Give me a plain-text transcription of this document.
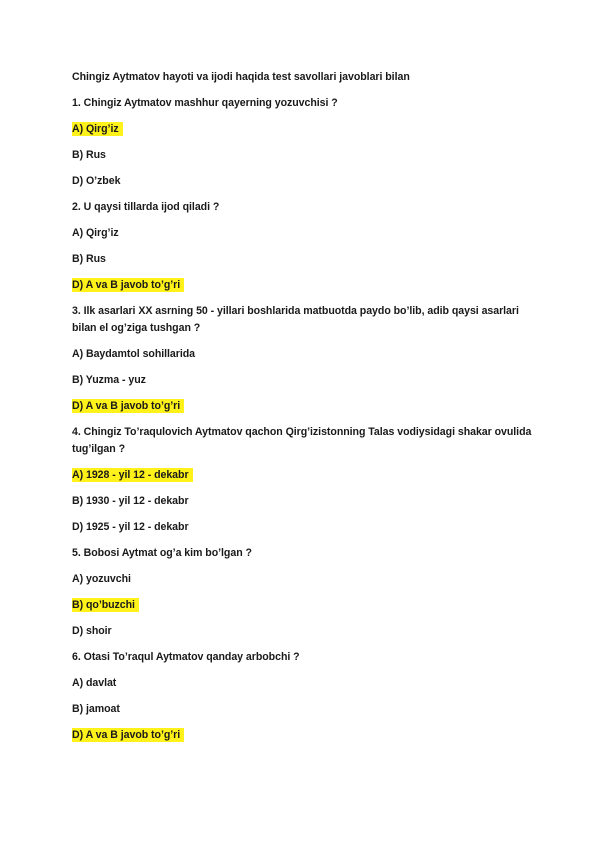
Chingiz Aytmatov hayoti va ijodi haqida test savollari javoblari bilan
1. Chingiz Aytmatov mashhur qayerning yozuvchisi ?
A) Qirg’iz
B) Rus
D) O’zbek
2. U qaysi tillarda ijod qiladi ?
A) Qirg’iz
B) Rus
D) A va B javob to’g’ri
3. Ilk asarlari XX asrning 50 - yillari boshlarida matbuotda paydo bo’lib, adib qaysi asarlari bilan el og’ziga tushgan ?
A) Baydamtol sohillarida
B) Yuzma - yuz
D) A va B javob to’g’ri
4. Chingiz To’raqulovich Aytmatov qachon Qirg’izistonning Talas vodiysidagi shakar ovulida tug’ilgan ?
A) 1928 - yil 12 - dekabr
B) 1930 - yil 12 - dekabr
D) 1925 - yil 12 - dekabr
5. Bobosi Aytmat og’a kim bo’lgan ?
A) yozuvchi
B) qo’buzchi
D) shoir
6. Otasi To’raqul Aytmatov qanday arbobchi ?
A) davlat
B) jamoat
D) A va B javob to’g’ri
